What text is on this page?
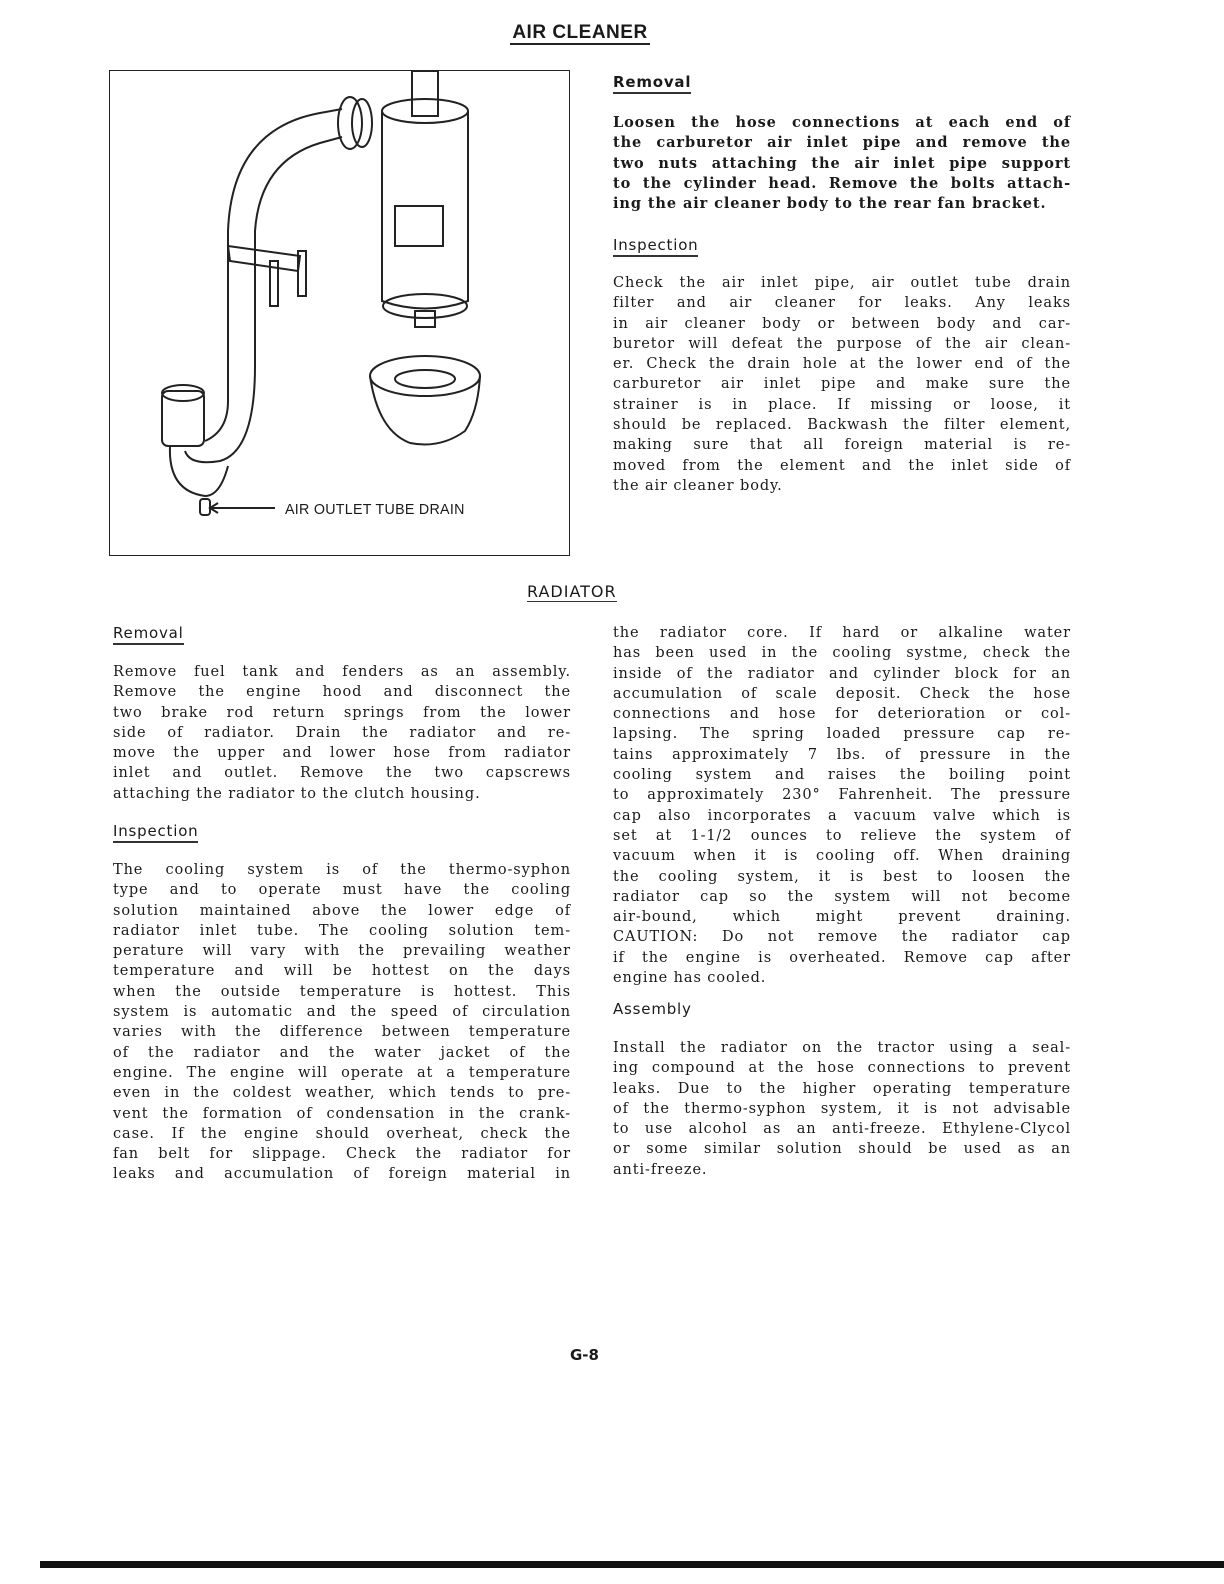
AIR CLEANER
AIR OUTLET TUBE DRAIN
Removal
Loosen the hose connections at each end of
the carburetor air inlet pipe and remove the
two nuts attaching the air inlet pipe support
to the cylinder head. Remove the bolts attach-
ing the air cleaner body to the rear fan bracket.
Inspection
Check the air inlet pipe, air outlet tube drain
filter and air cleaner for leaks. Any leaks
in air cleaner body or between body and car-
buretor will defeat the purpose of the air clean-
er. Check the drain hole at the lower end of the
carburetor air inlet pipe and make sure the
strainer is in place. If missing or loose, it
should be replaced. Backwash the filter element,
making sure that all foreign material is re-
moved from the element and the inlet side of
the air cleaner body.
RADIATOR
Removal
Remove fuel tank and fenders as an assembly.
Remove the engine hood and disconnect the
two brake rod return springs from the lower
side of radiator. Drain the radiator and re-
move the upper and lower hose from radiator
inlet and outlet. Remove the two capscrews
attaching the radiator to the clutch housing.
Inspection
The cooling system is of the thermo-syphon
type and to operate must have the cooling
solution maintained above the lower edge of
radiator inlet tube. The cooling solution tem-
perature will vary with the prevailing weather
temperature and will be hottest on the days
when the outside temperature is hottest. This
system is automatic and the speed of circulation
varies with the difference between temperature
of the radiator and the water jacket of the
engine. The engine will operate at a temperature
even in the coldest weather, which tends to pre-
vent the formation of condensation in the crank-
case. If the engine should overheat, check the
fan belt for slippage. Check the radiator for
leaks and accumulation of foreign material in
the radiator core. If hard or alkaline water
has been used in the cooling systme, check the
inside of the radiator and cylinder block for an
accumulation of scale deposit. Check the hose
connections and hose for deterioration or col-
lapsing. The spring loaded pressure cap re-
tains approximately 7 lbs. of pressure in the
cooling system and raises the boiling point
to approximately 230° Fahrenheit. The pressure
cap also incorporates a vacuum valve which is
set at 1-1/2 ounces to relieve the system of
vacuum when it is cooling off. When draining
the cooling system, it is best to loosen the
radiator cap so the system will not become
air-bound, which might prevent draining.
CAUTION: Do not remove the radiator cap
if the engine is overheated. Remove cap after
engine has cooled.
Assembly
Install the radiator on the tractor using a seal-
ing compound at the hose connections to prevent
leaks. Due to the higher operating temperature
of the thermo-syphon system, it is not advisable
to use alcohol as an anti-freeze. Ethylene-Clycol
or some similar solution should be used as an
anti-freeze.
G-8
